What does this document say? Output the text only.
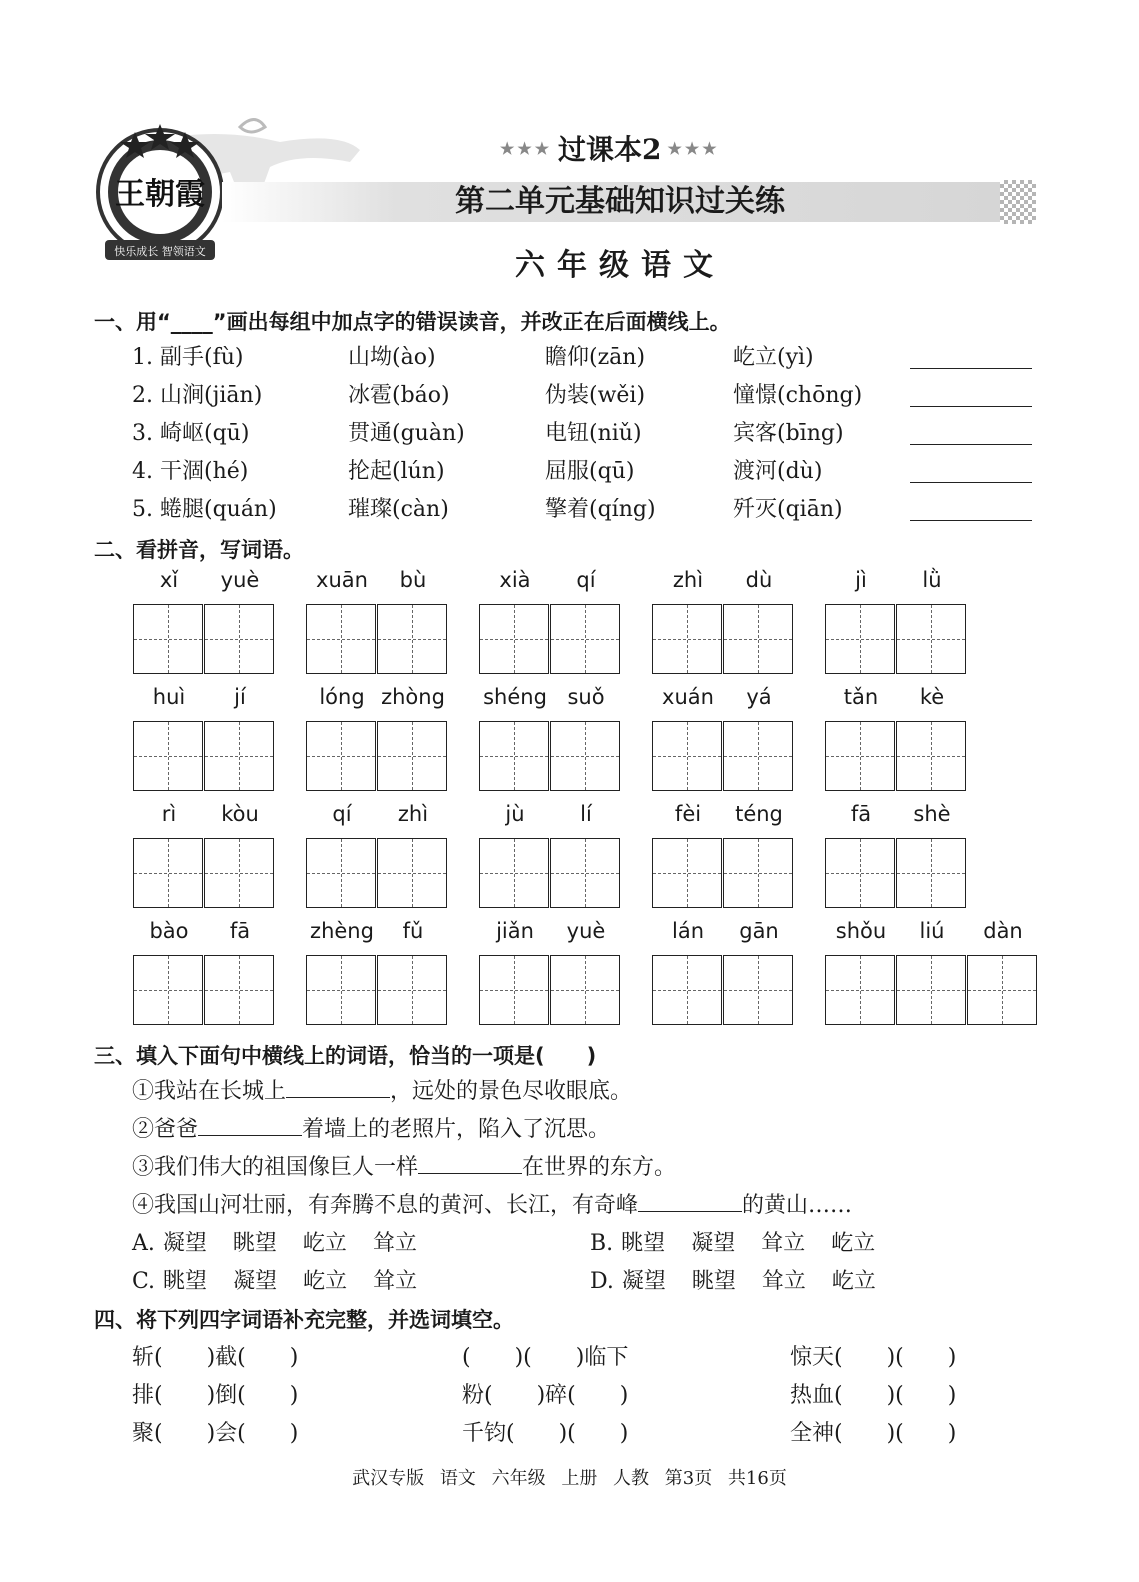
王朝霞
快乐成长 智领语文
★★★ 过课本2 ★★★
第二单元基础知识过关练
六年级语文
一、用“____”画出每组中加点字的错误读音，并改正在后面横线上。
1. 副手(fù)	山坳(ào)	瞻仰(zān)	屹立(yì)
2. 山涧(jiān)	冰雹(báo)	伪装(wěi)	憧憬(chōng)
3. 崎岖(qū)	贯通(guàn)	电钮(niǔ)	宾客(bīng)
4. 干涸(hé)	抡起(lún)	屈服(qū)	渡河(dù)
5. 蜷腿(quán)	璀璨(càn)	擎着(qíng)	歼灭(qiān)
二、看拼音，写词语。
xǐ	yuè	xuān	bù	xià	qí	zhì	dù	jì	lǜ
huì	jí	lóng zhòng shéng suǒ	xuán	yá	tǎn	kè
rì	kòu	qí	zhì	jù	lí	fèi	téng	fā	shè
bào	fā	zhèng	fǔ	jiǎn	yuè	lán	gān	shǒu	liú	dàn
三、填入下面句中横线上的词语，恰当的一项是(　　)
①我站在长城上	，远处的景色尽收眼底。
②爸爸	着墙上的老照片，陷入了沉思。
③我们伟大的祖国像巨人一样	在世界的东方。
④我国山河壮丽，有奔腾不息的黄河、长江，有奇峰	的黄山……
A. 凝望 眺望 屹立 耸立	B. 眺望 凝望 耸立 屹立
C. 眺望 凝望 屹立 耸立	D. 凝望 眺望 耸立 屹立
四、将下列四字词语补充完整，并选词填空。
斩(　　)截(　　)	(　　)(　　)临下	惊天(　　)(　　)
排(　　)倒(　　)	粉(　　)碎(　　)	热血(　　)(　　)
聚(　　)会(　　)	千钧(　　)(　　)	全神(　　)(　　)
武汉专版 语文 六年级 上册 人教 第3页 共16页
